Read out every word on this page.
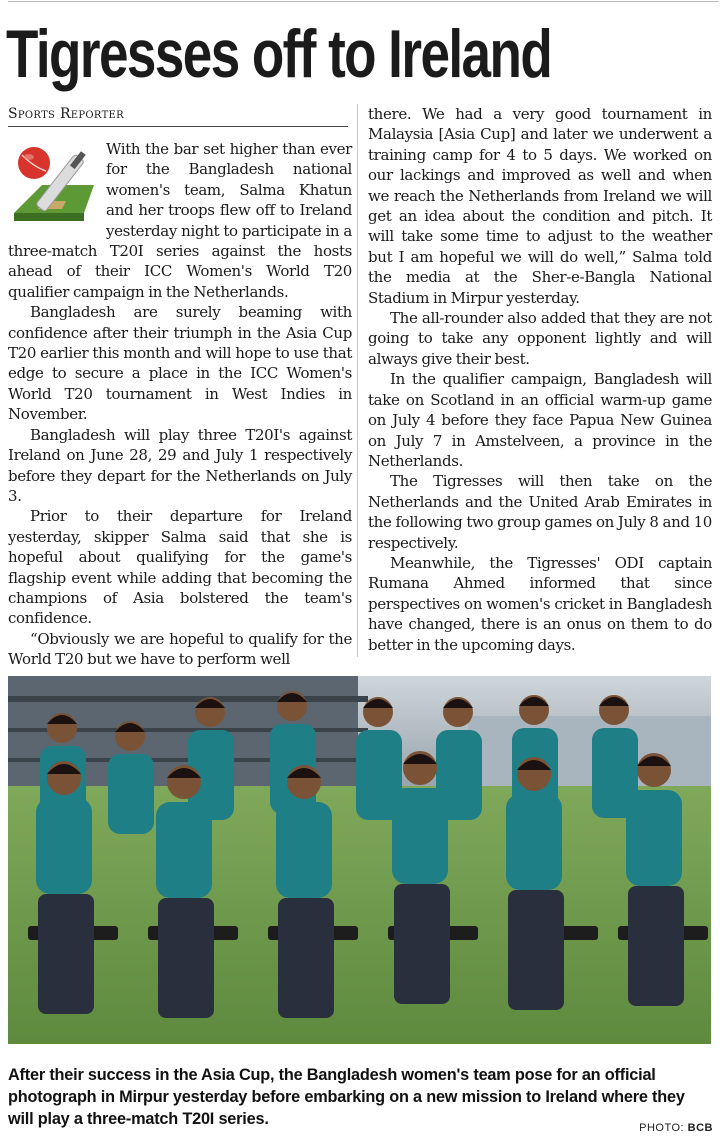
Tigresses off to Ireland
Sports Reporter

With the bar set higher than ever for the Bangladesh national women's team, Salma Khatun and her troops flew off to Ireland yesterday night to participate in a three-match T20I series against the hosts ahead of their ICC Women's World T20 qualifier campaign in the Netherlands.

Bangladesh are surely beaming with confidence after their triumph in the Asia Cup T20 earlier this month and will hope to use that edge to secure a place in the ICC Women's World T20 tournament in West Indies in November.

Bangladesh will play three T20I's against Ireland on June 28, 29 and July 1 respectively before they depart for the Netherlands on July 3.

Prior to their departure for Ireland yesterday, skipper Salma said that she is hopeful about qualifying for the game's flagship event while adding that becoming the champions of Asia bolstered the team's confidence.

“Obviously we are hopeful to qualify for the World T20 but we have to perform well

there. We had a very good tournament in Malaysia [Asia Cup] and later we underwent a training camp for 4 to 5 days. We worked on our lackings and improved as well and when we reach the Netherlands from Ireland we will get an idea about the condition and pitch. It will take some time to adjust to the weather but I am hopeful we will do well,” Salma told the media at the Sher-e-Bangla National Stadium in Mirpur yesterday.

The all-rounder also added that they are not going to take any opponent lightly and will always give their best.

In the qualifier campaign, Bangladesh will take on Scotland in an official warm-up game on July 4 before they face Papua New Guinea on July 7 in Amstelveen, a province in the Netherlands.

The Tigresses will then take on the Netherlands and the United Arab Emirates in the following two group games on July 8 and 10 respectively.

Meanwhile, the Tigresses' ODI captain Rumana Ahmed informed that since perspectives on women's cricket in Bangladesh have changed, there is an onus on them to do better in the upcoming days.

After their success in the Asia Cup, the Bangladesh women's team pose for an official photograph in Mirpur yesterday before embarking on a new mission to Ireland where they will play a three-match T20I series.	PHOTO: BCB
